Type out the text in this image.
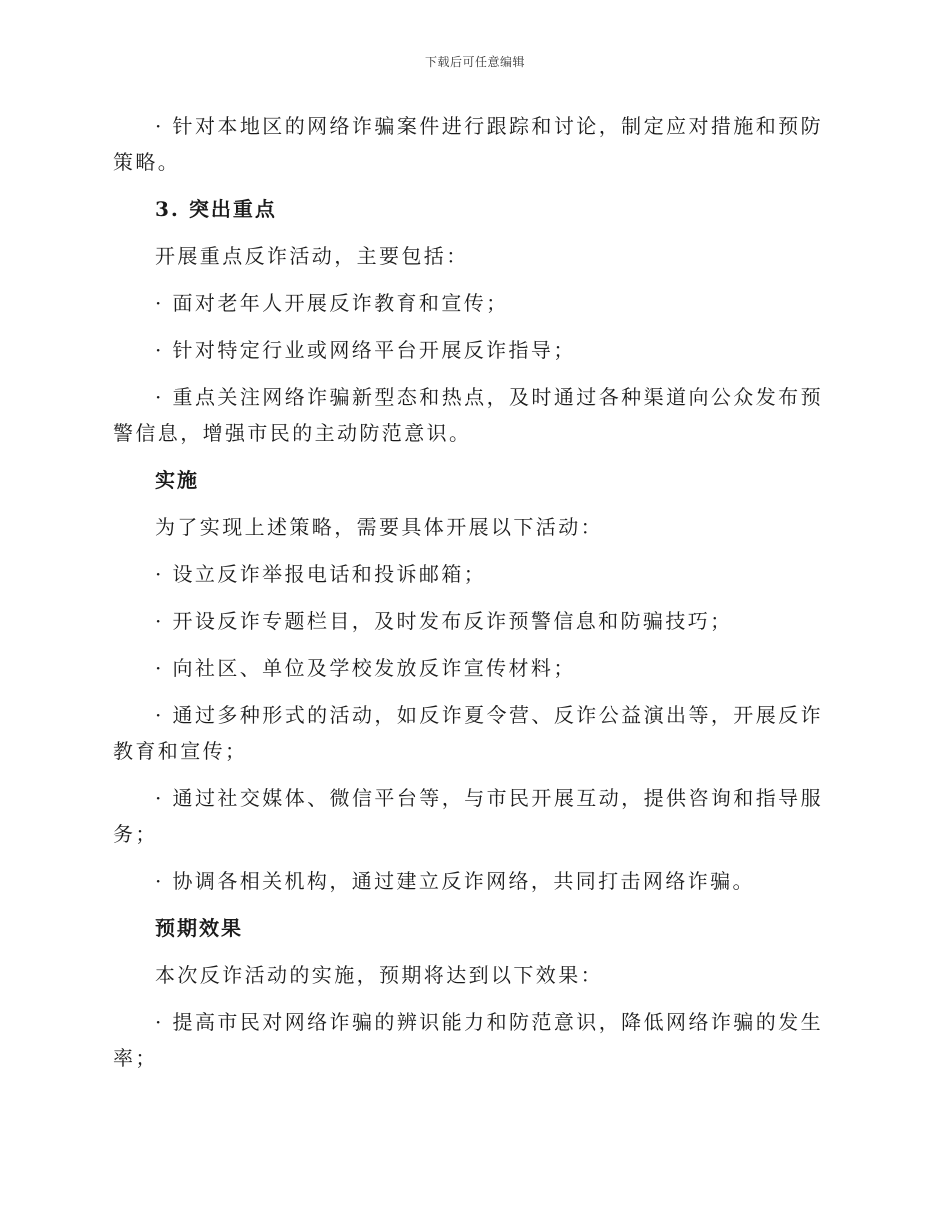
下载后可任意编辑
· 针对本地区的网络诈骗案件进行跟踪和讨论，制定应对措施和预防策略。
3. 突出重点
开展重点反诈活动，主要包括：
· 面对老年人开展反诈教育和宣传；
· 针对特定行业或网络平台开展反诈指导；
· 重点关注网络诈骗新型态和热点，及时通过各种渠道向公众发布预警信息，增强市民的主动防范意识。
实施
为了实现上述策略，需要具体开展以下活动：
· 设立反诈举报电话和投诉邮箱；
· 开设反诈专题栏目，及时发布反诈预警信息和防骗技巧；
· 向社区、单位及学校发放反诈宣传材料；
· 通过多种形式的活动，如反诈夏令营、反诈公益演出等，开展反诈教育和宣传；
· 通过社交媒体、微信平台等，与市民开展互动，提供咨询和指导服务；
· 协调各相关机构，通过建立反诈网络，共同打击网络诈骗。
预期效果
本次反诈活动的实施，预期将达到以下效果：
· 提高市民对网络诈骗的辨识能力和防范意识，降低网络诈骗的发生率；
